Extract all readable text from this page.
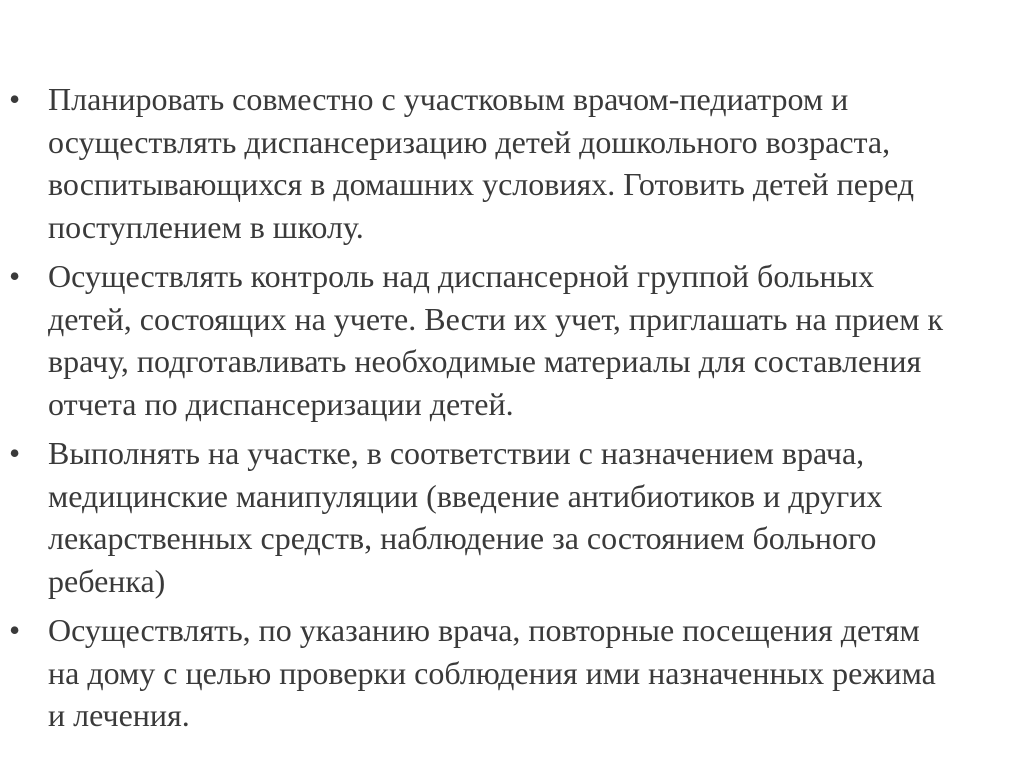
• Планировать совместно с участковым врачом-педиатром и
осуществлять диспансеризацию детей дошкольного возраста,
воспитывающихся в домашних условиях. Готовить детей перед
поступлением в школу.
• Осуществлять контроль над диспансерной группой больных
детей, состоящих на учете. Вести их учет, приглашать на прием к
врачу, подготавливать необходимые материалы для составления
отчета по диспансеризации детей.
• Выполнять на участке, в соответствии с назначением врача,
медицинские манипуляции (введение антибиотиков и других
лекарственных средств, наблюдение за состоянием больного
ребенка)
• Осуществлять, по указанию врача, повторные посещения детям
на дому с целью проверки соблюдения ими назначенных режима
и лечения.
